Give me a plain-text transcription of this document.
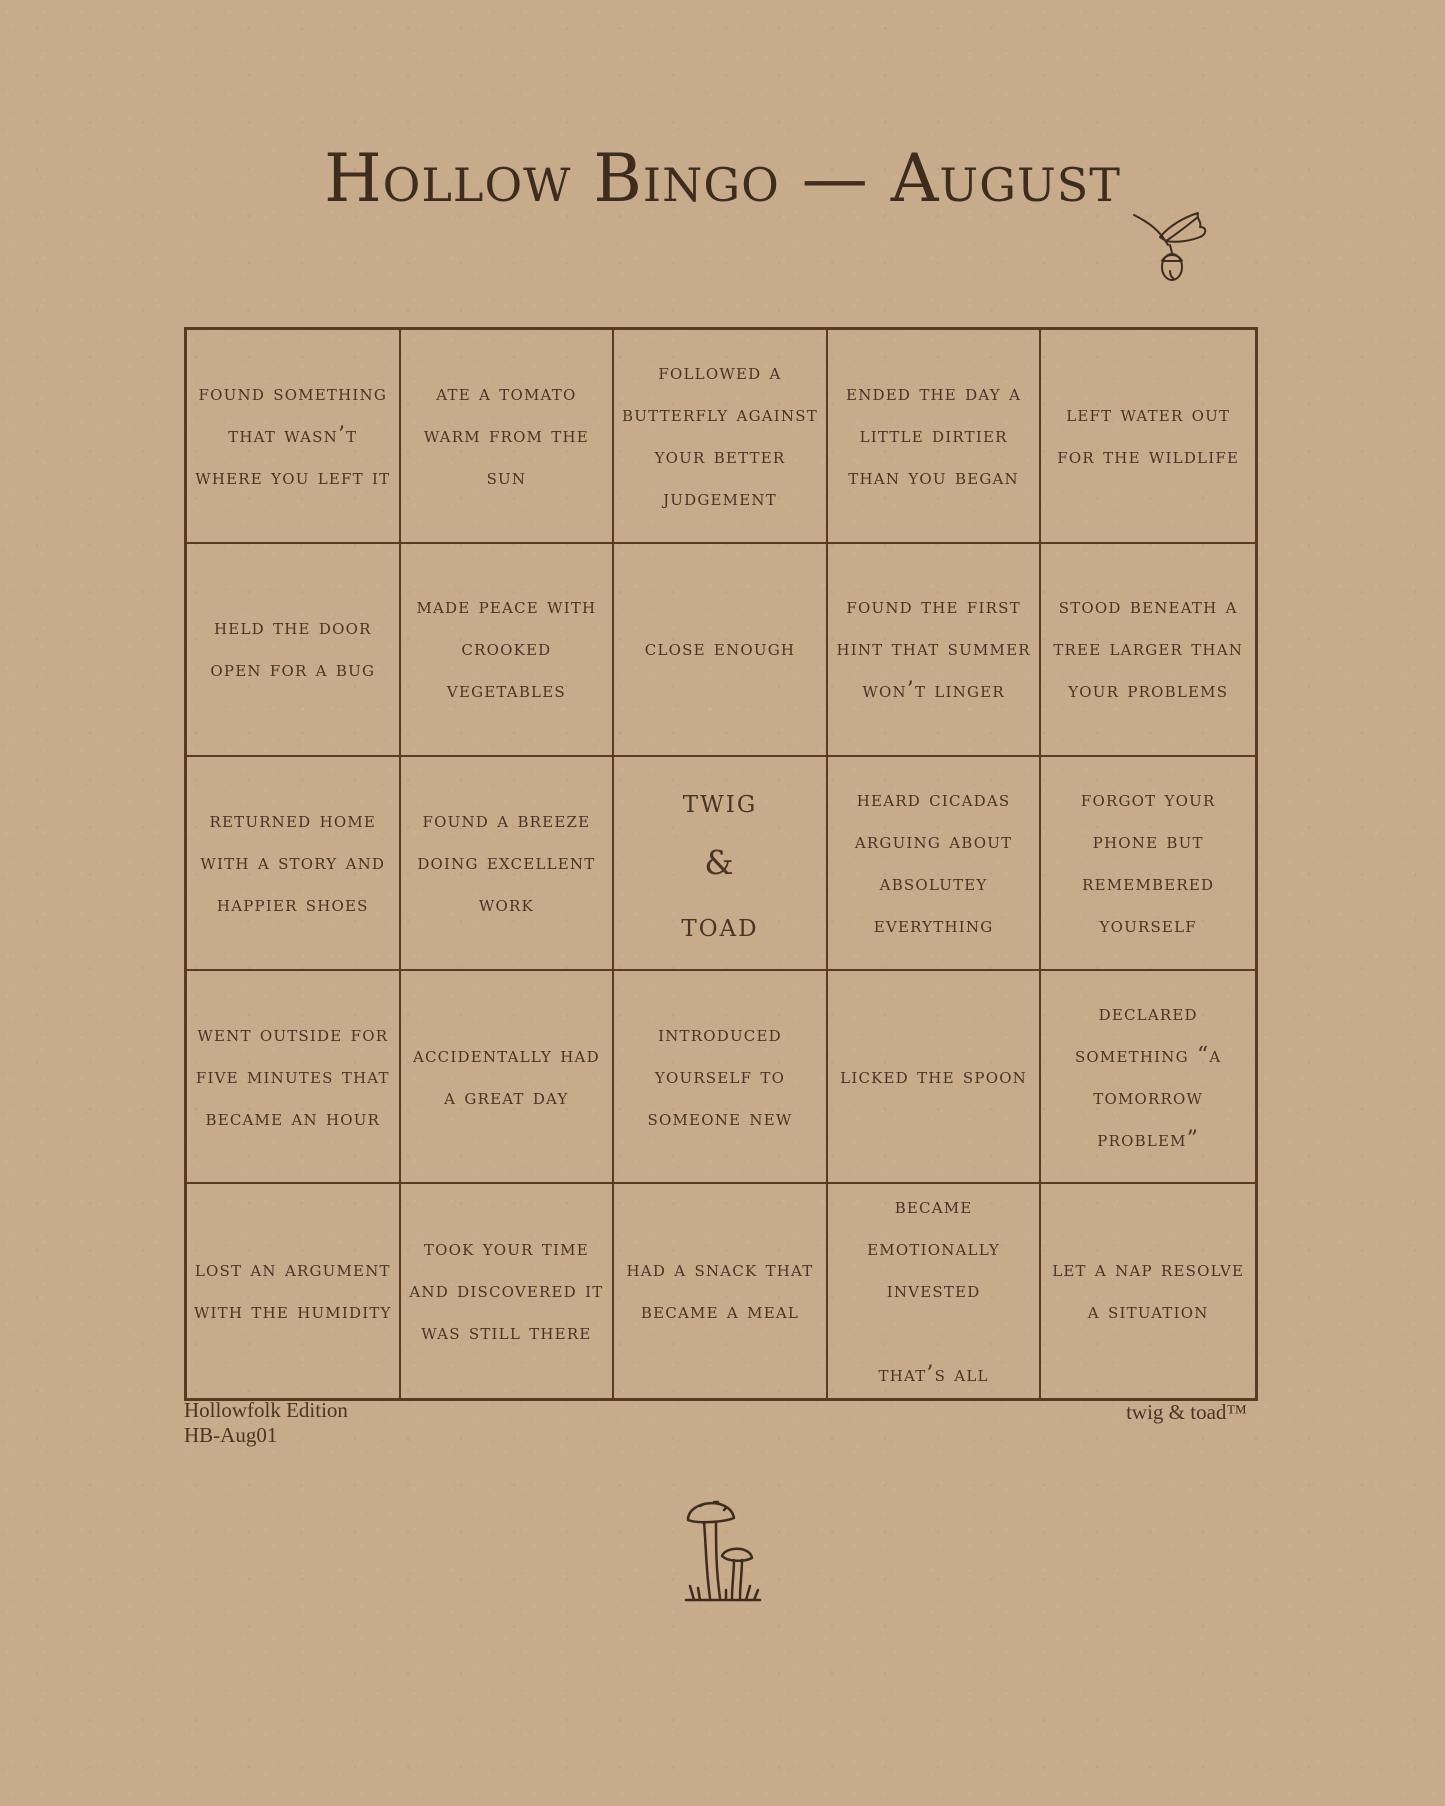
Hollow Bingo — August
found something that wasn’t where you left it
ate a tomato warm from the sun
followed a butterfly against your better judgement
ended the day a little dirtier than you began
left water out for the wildlife
held the door open for a bug
made peace with crooked vegetables
close enough
found the first hint that summer won’t linger
stood beneath a tree larger than your problems
returned home with a story and happier shoes
found a breeze doing excellent work
twig
&
toad
heard cicadas arguing about absolutey everything
forgot your phone but remembered yourself
went outside for five minutes that became an hour
accidentally had a great day
introduced yourself to someone new
licked the spoon
declared something “a tomorrow problem”
lost an argument with the humidity
took your time and discovered it was still there
had a snack that became a meal
became emotionally invested

that’s all
let a nap resolve a situation
Hollowfolk Edition
HB-Aug01
twig & toad™
